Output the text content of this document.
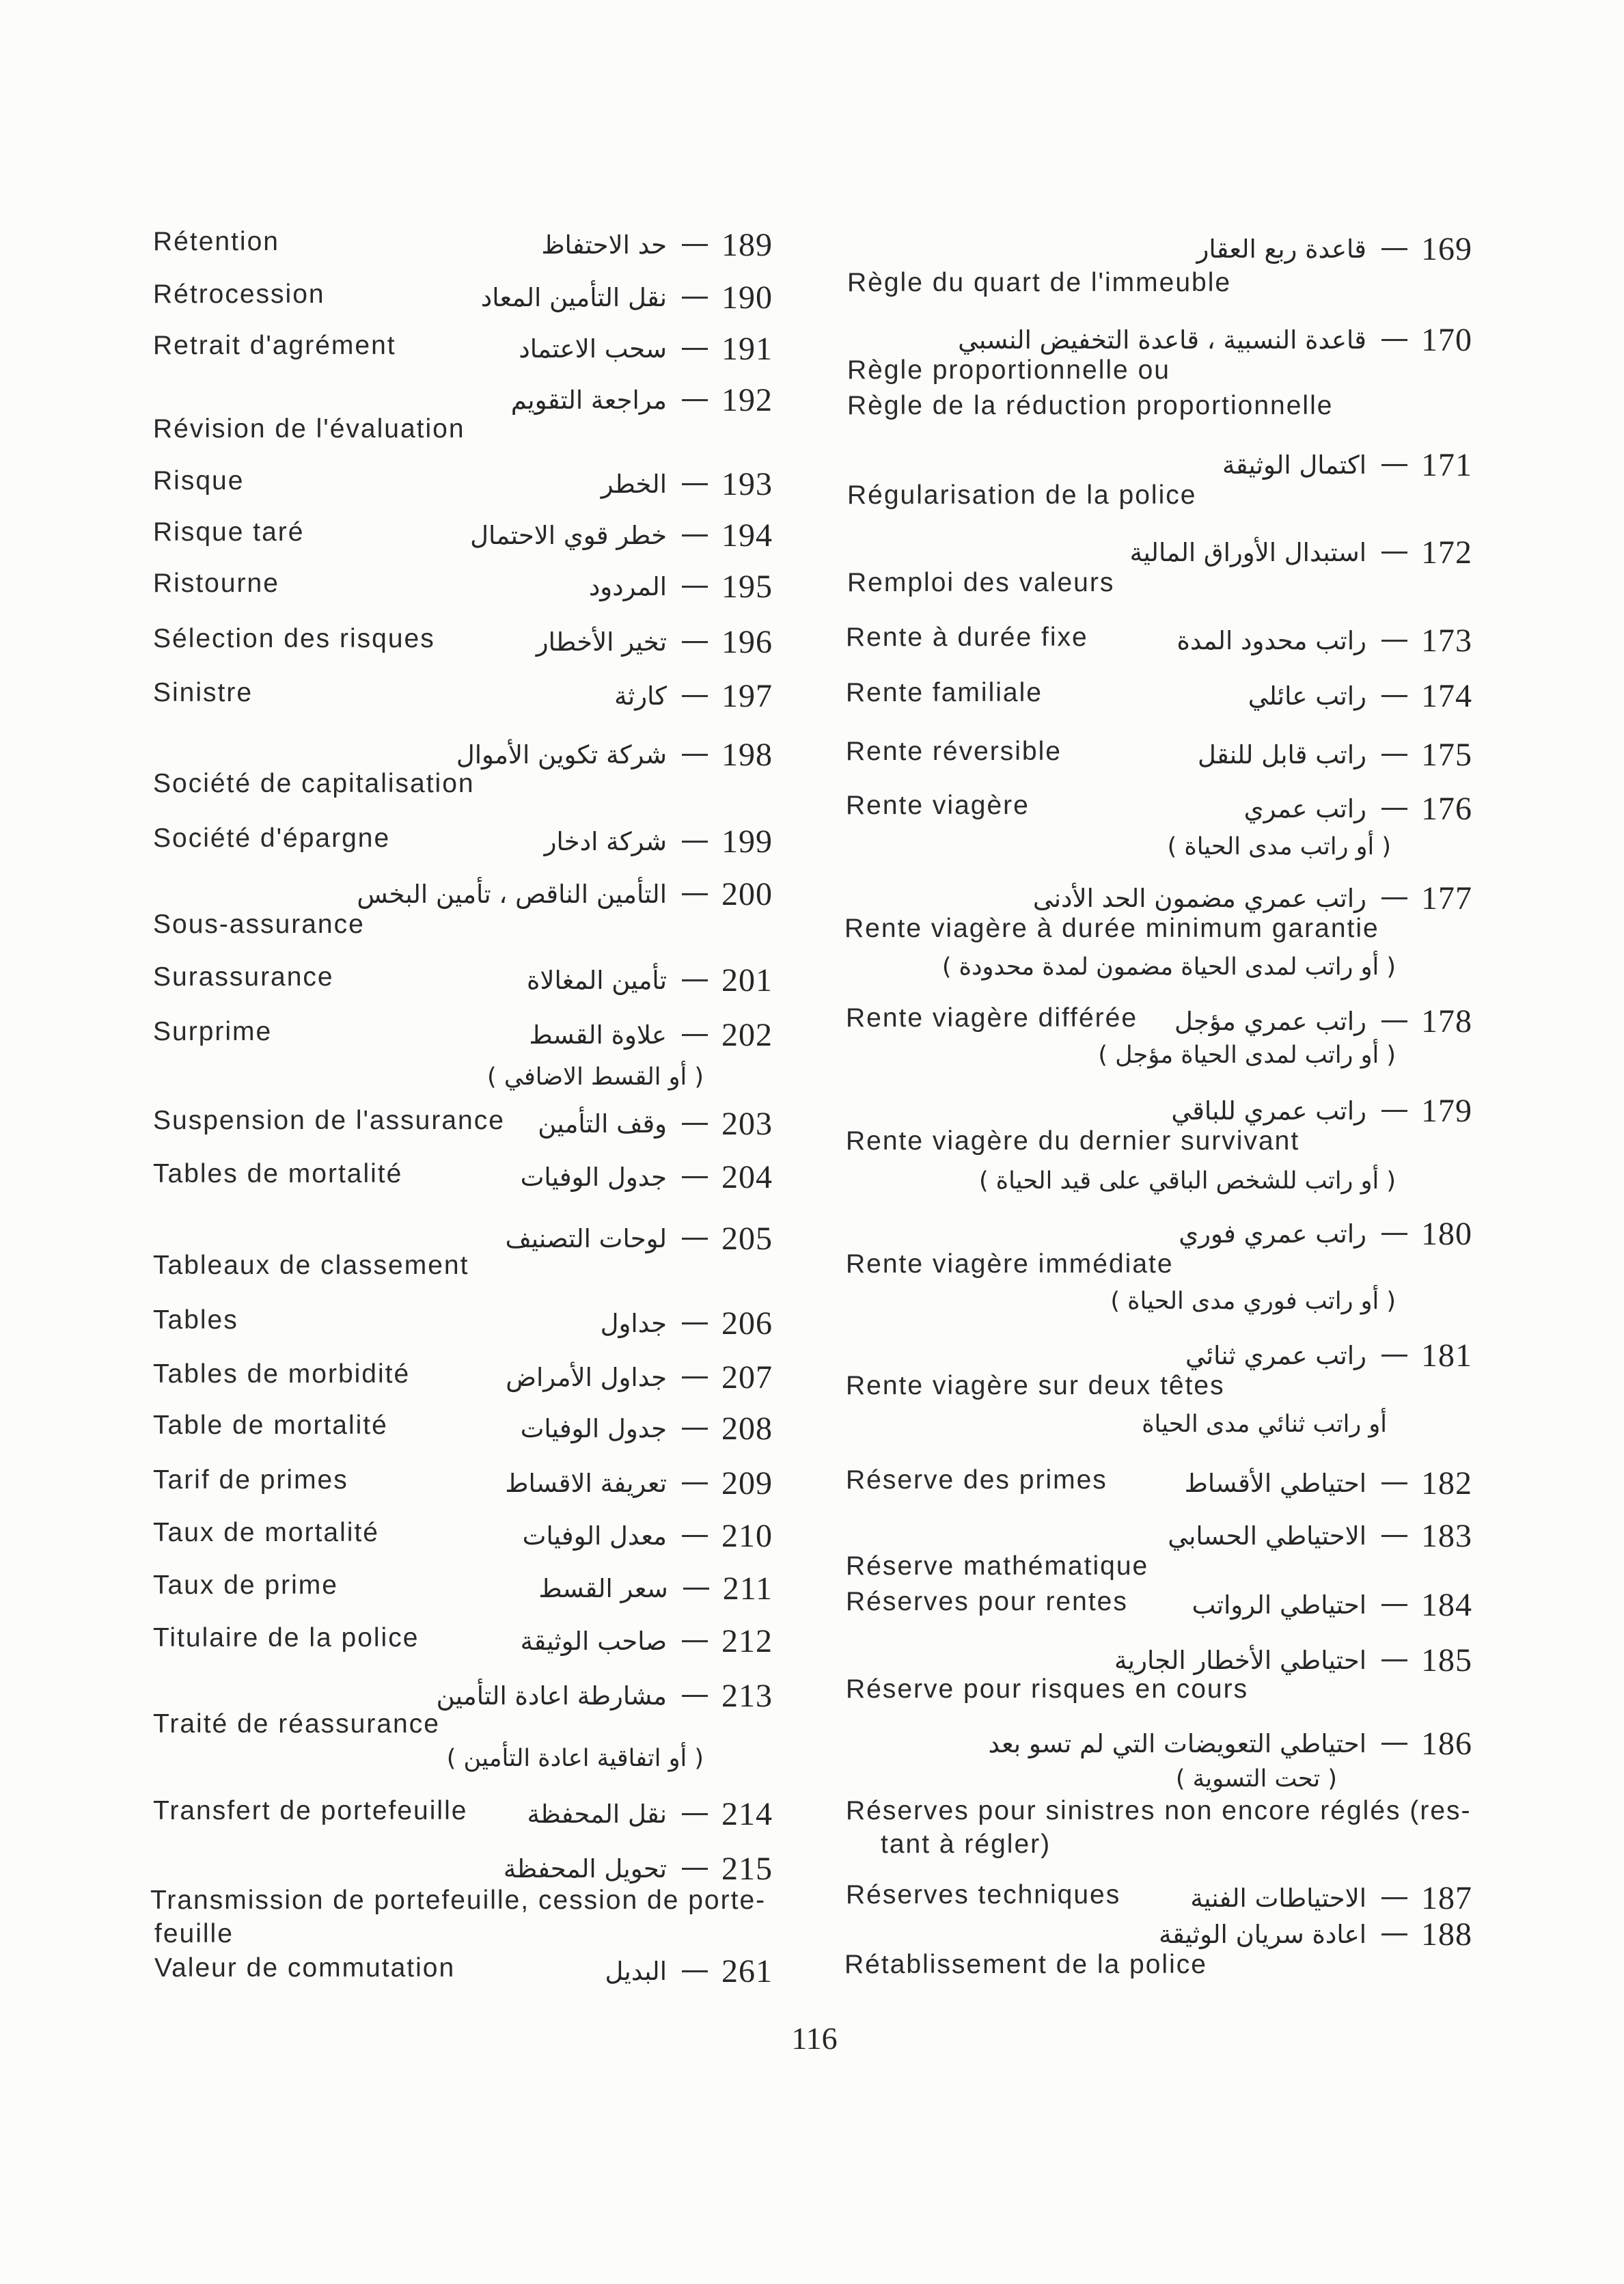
حد الاحتفاظ 189
Rétention
نقل التأمين المعاد 190
Rétrocession
سحب الاعتماد 191
Retrait d'agrément
مراجعة التقويم 192
Révision de l'évaluation
الخطر 193
Risque
خطر قوي الاحتمال 194
Risque taré
المردود 195
Ristourne
تخير الأخطار 196
Sélection des risques
كارثة 197
Sinistre
شركة تكوين الأموال 198
Société de capitalisation
شركة ادخار 199
Société d'épargne
التأمين الناقص ، تأمين البخس 200
Sous-assurance
تأمين المغالاة 201
Surassurance
علاوة القسط 202
Surprime
( أو القسط الاضافي )
وقف التأمين 203
Suspension de l'assurance
جدول الوفيات 204
Tables de mortalité
لوحات التصنيف 205
Tableaux de classement
جداول 206
Tables
جداول الأمراض 207
Tables de morbidité
جدول الوفيات 208
Table de mortalité
تعريفة الاقساط 209
Tarif de primes
معدل الوفيات 210
Taux de mortalité
سعر القسط 211
Taux de prime
صاحب الوثيقة 212
Titulaire de la police
مشارطة اعادة التأمين 213
Traité de réassurance
( أو اتفاقية اعادة التأمين )
نقل المحفظة 214
Transfert de portefeuille
تحويل المحفظة 215
Transmission de portefeuille, cession de porte-
feuille
البديل 261
Valeur de commutation
قاعدة ربع العقار 169
Règle du quart de l'immeuble
قاعدة النسبية ، قاعدة التخفيض النسبي 170
Règle proportionnelle ou
Règle de la réduction proportionnelle
اكتمال الوثيقة 171
Régularisation de la police
استبدال الأوراق المالية 172
Remploi des valeurs
راتب محدود المدة 173
Rente à durée fixe
راتب عائلي 174
Rente familiale
راتب قابل للنقل 175
Rente réversible
راتب عمري 176
Rente viagère
( أو راتب مدى الحياة )
راتب عمري مضمون الحد الأدنى 177
Rente viagère à durée minimum garantie
( أو راتب لمدى الحياة مضمون لمدة محدودة )
راتب عمري مؤجل 178
Rente viagère différée
( أو راتب لمدى الحياة مؤجل )
راتب عمري للباقي 179
Rente viagère du dernier survivant
( أو راتب للشخص الباقي على قيد الحياة )
راتب عمري فوري 180
Rente viagère immédiate
( أو راتب فوري مدى الحياة )
راتب عمري ثنائي 181
Rente viagère sur deux têtes
أو راتب ثنائي مدى الحياة
احتياطي الأقساط 182
Réserve des primes
الاحتياطي الحسابي 183
Réserve mathématique
احتياطي الرواتب 184
Réserves pour rentes
احتياطي الأخطار الجارية 185
Réserve pour risques en cours
احتياطي التعويضات التي لم تسو بعد 186
( تحت التسوية )
Réserves pour sinistres non encore réglés (res-
tant à régler)
الاحتياطات الفنية 187
Réserves techniques
اعادة سريان الوثيقة 188
Rétablissement de la police
116
